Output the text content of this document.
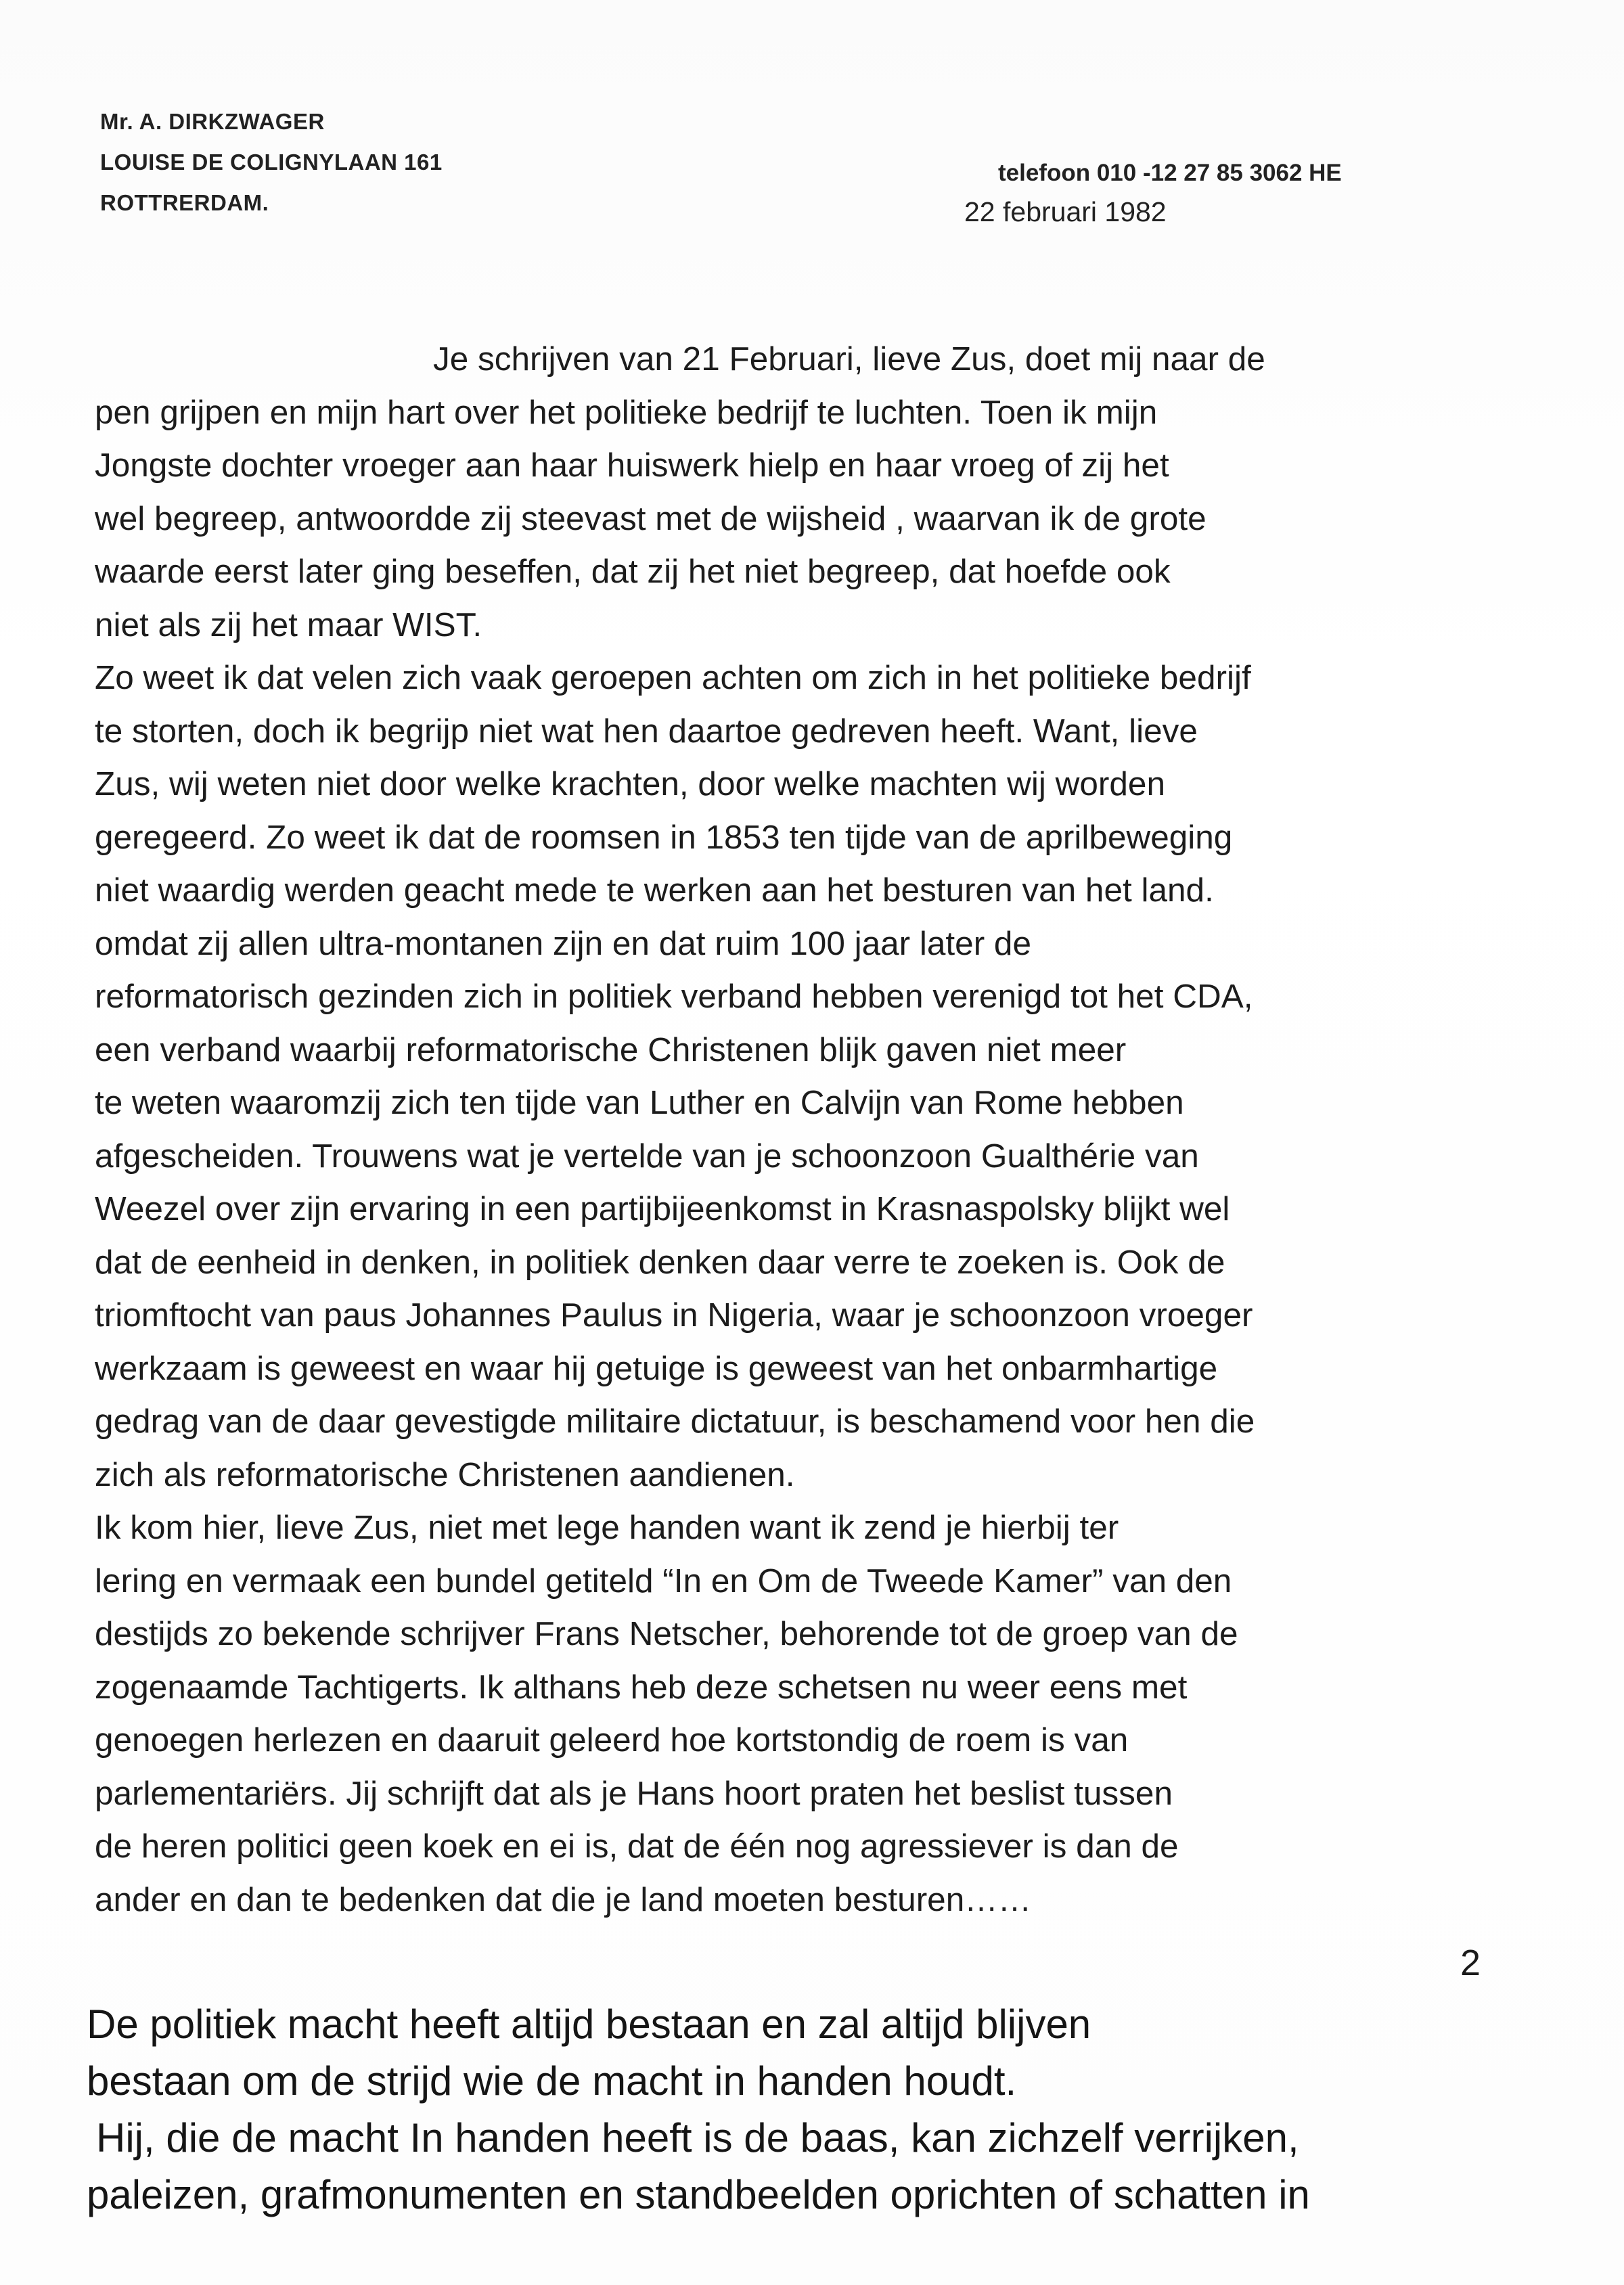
Mr. A. DIRKZWAGER
LOUISE DE COLIGNYLAAN 161
ROTTRERDAM.
telefoon 010 -12 27 85 3062 HE
22 februari 1982
Je schrijven van 21 Februari, lieve Zus, doet mij naar de
pen grijpen en mijn hart over het politieke bedrijf te luchten. Toen ik mijn
Jongste dochter vroeger aan haar huiswerk hielp en haar vroeg of zij het
wel begreep, antwoordde zij steevast met de wijsheid , waarvan ik de grote
waarde eerst later ging beseffen, dat zij het niet begreep, dat hoefde ook
niet als zij het maar WIST.
Zo weet ik dat velen zich vaak geroepen achten om zich in het politieke bedrijf
te storten, doch ik begrijp niet wat hen daartoe gedreven heeft. Want, lieve
Zus, wij weten niet door welke krachten, door welke machten wij worden
geregeerd. Zo weet ik dat de roomsen in 1853 ten tijde van de aprilbeweging
niet waardig werden geacht mede te werken aan het besturen van het land.
omdat zij allen ultra-montanen zijn en dat ruim 100 jaar later de
reformatorisch gezinden zich in politiek verband hebben verenigd tot het CDA,
een verband waarbij reformatorische Christenen blijk gaven niet meer
te weten waaromzij zich ten tijde van Luther en Calvijn van Rome hebben
afgescheiden. Trouwens wat je vertelde van je schoonzoon Gualthérie van
Weezel over zijn ervaring in een partijbijeenkomst in Krasnaspolsky blijkt wel
dat de eenheid in denken, in politiek denken daar verre te zoeken is. Ook de
triomftocht van paus Johannes Paulus in Nigeria, waar je schoonzoon vroeger
werkzaam is geweest en waar hij getuige is geweest van het onbarmhartige
gedrag van de daar gevestigde militaire dictatuur, is beschamend voor hen die
zich als reformatorische Christenen aandienen.
Ik kom hier, lieve Zus, niet met lege handen want ik zend je hierbij ter
lering en vermaak een bundel getiteld “In en Om de Tweede Kamer” van den
destijds zo bekende schrijver Frans Netscher, behorende tot de groep van de
zogenaamde Tachtigerts. Ik althans heb deze schetsen nu weer eens met
genoegen herlezen en daaruit geleerd hoe kortstondig de roem is van
parlementariërs. Jij schrijft dat als je Hans hoort praten het beslist tussen
de heren politici geen koek en ei is, dat de één nog agressiever is dan de
ander en dan te bedenken dat die je land moeten besturen……
2
De politiek macht heeft altijd bestaan en zal altijd blijven
bestaan om de strijd wie de macht in handen houdt.
Hij, die de macht In handen heeft is de baas, kan zichzelf verrijken,
paleizen, grafmonumenten en standbeelden oprichten of schatten in
